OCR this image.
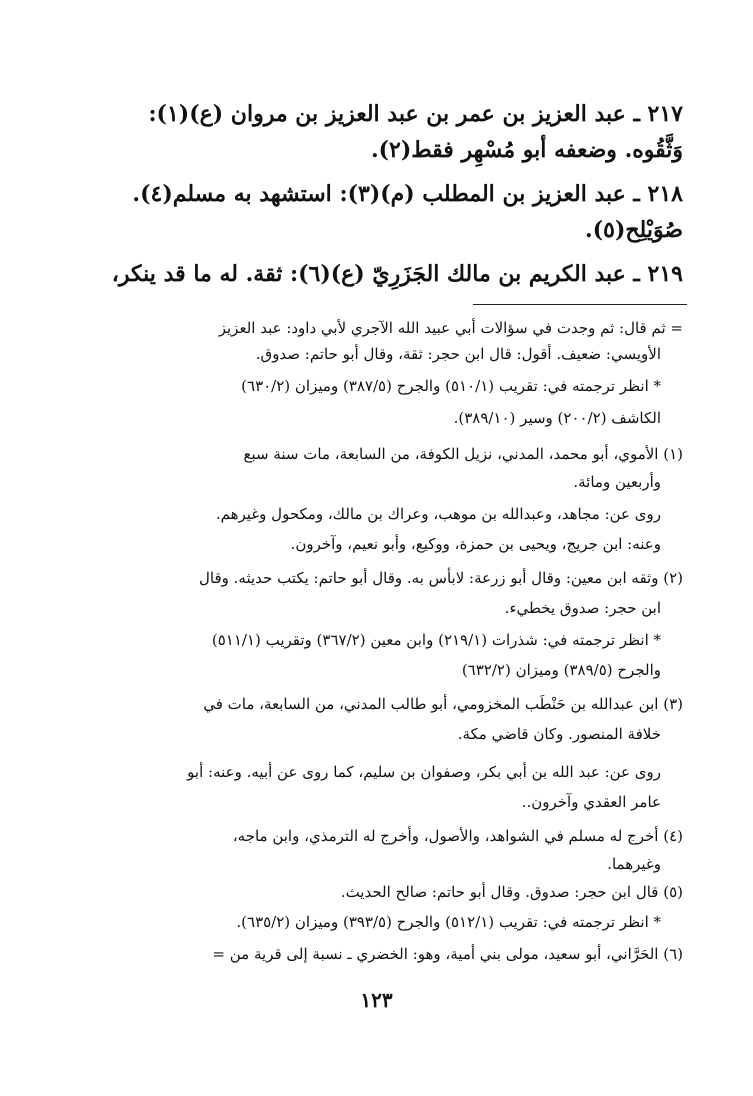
٢١٧ ـ عبد العزيز بن عمر بن عبد العزيز بن مروان (ع)(١):
وَثَّقُوه. وضعفه أبو مُسْهِر فقط(٢).
٢١٨ ـ عبد العزيز بن المطلب (م)(٣): استشهد به مسلم(٤).
صُوَيْلِح(٥).
٢١٩ ـ عبد الكريم بن مالك الجَزَرِيّ (ع)(٦): ثقة. له ما قد ينكر،
= ثم قال: ثم وجدت في سؤالات أبي عبيد الله الآجري لأبي داود: عبد العزيز
الأويسي: ضعيف. أقول: قال ابن حجر: ثقة، وقال أبو حاتم: صدوق.
* انظر ترجمته في: تقريب (٥١٠/١) والجرح (٣٨٧/٥) وميزان (٦٣٠/٢)
الكاشف (٢٠٠/٢) وسير (٣٨٩/١٠).
(١) الأموي، أبو محمد، المدني، نزيل الكوفة، من السابعة، مات سنة سبع
وأربعين ومائة.
روى عن: مجاهد، وعبدالله بن موهب، وعراك بن مالك، ومكحول وغيرهم.
وعنه: ابن جريج، ويحيى بن حمزة، ووكيع، وأبو نعيم، وآخرون.
(٢) وثقه ابن معين: وقال أبو زرعة: لابأس به. وقال أبو حاتم: يكتب حديثه. وقال
ابن حجر: صدوق يخطيء.
* انظر ترجمته في: شذرات (٢١٩/١) وابن معين (٣٦٧/٢) وتقريب (٥١١/١)
والجرح (٣٨٩/٥) وميزان (٦٣٢/٢)
(٣) ابن عبدالله بن حَنْطَب المخزومي، أبو طالب المدني، من السابعة، مات في
خلافة المنصور. وكان قاضي مكة.
روى عن: عبد الله بن أبي بكر، وصفوان بن سليم، كما روى عن أبيه. وعنه: أبو
عامر العقدي وآخرون..
(٤) أخرج له مسلم في الشواهد، والأصول، وأخرج له الترمذي، وابن ماجه،
وغيرهما.
(٥) قال ابن حجر: صدوق. وقال أبو حاتم: صالح الحديث.
* انظر ترجمته في: تقريب (٥١٢/١) والجرح (٣٩٣/٥) وميزان (٦٣٥/٢).
(٦) الحَرَّاني، أبو سعيد، مولى بني أمية، وهو: الخضري ـ نسبة إلى قرية من =
١٢٣
